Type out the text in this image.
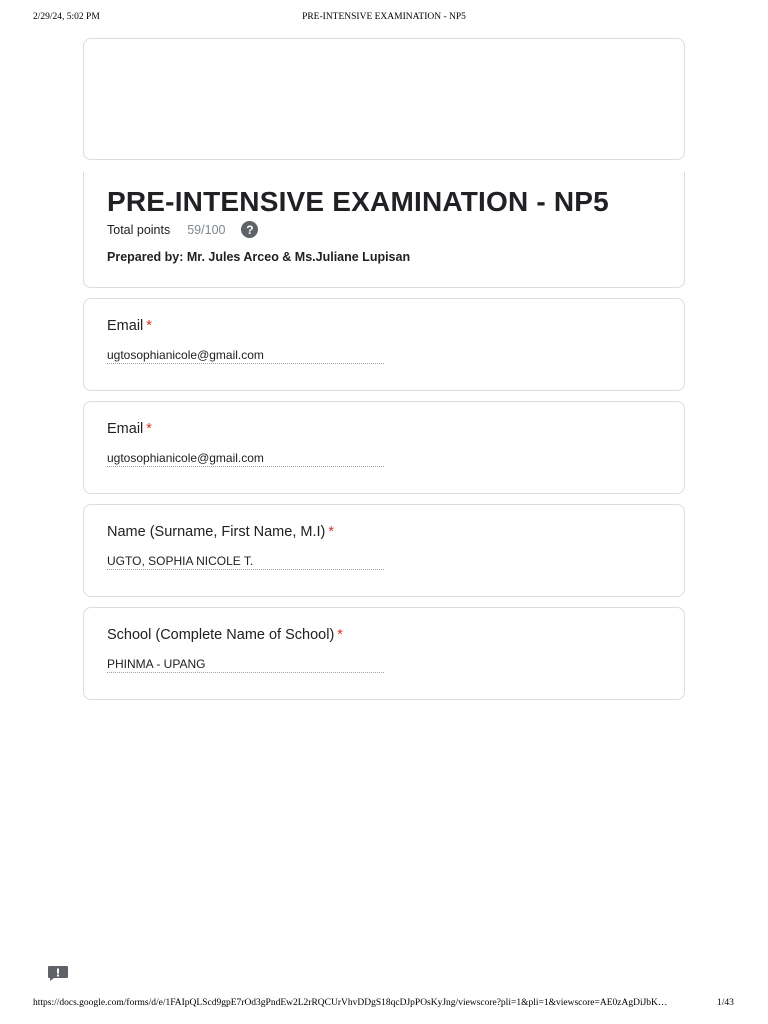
2/29/24, 5:02 PM	PRE-INTENSIVE EXAMINATION - NP5
PRE-INTENSIVE EXAMINATION - NP5
Total points 59/100	?

Prepared by: Mr. Jules Arceo & Ms.Juliane Lupisan

Email *
ugtosophianicole@gmail.com
Email *
ugtosophianicole@gmail.com
Name (Surname, First Name, M.I) *
UGTO, SOPHIA NICOLE T.
School (Complete Name of School) *
PHINMA - UPANG
https://docs.google.com/forms/d/e/1FAIpQLScd9gpE7rOd3gPndEw2L2rRQCUrVhvDDgS18qcDJpPOsKyJng/viewscore?pli=1&pli=1&viewscore=AE0zAgDiJbK…	1/43
